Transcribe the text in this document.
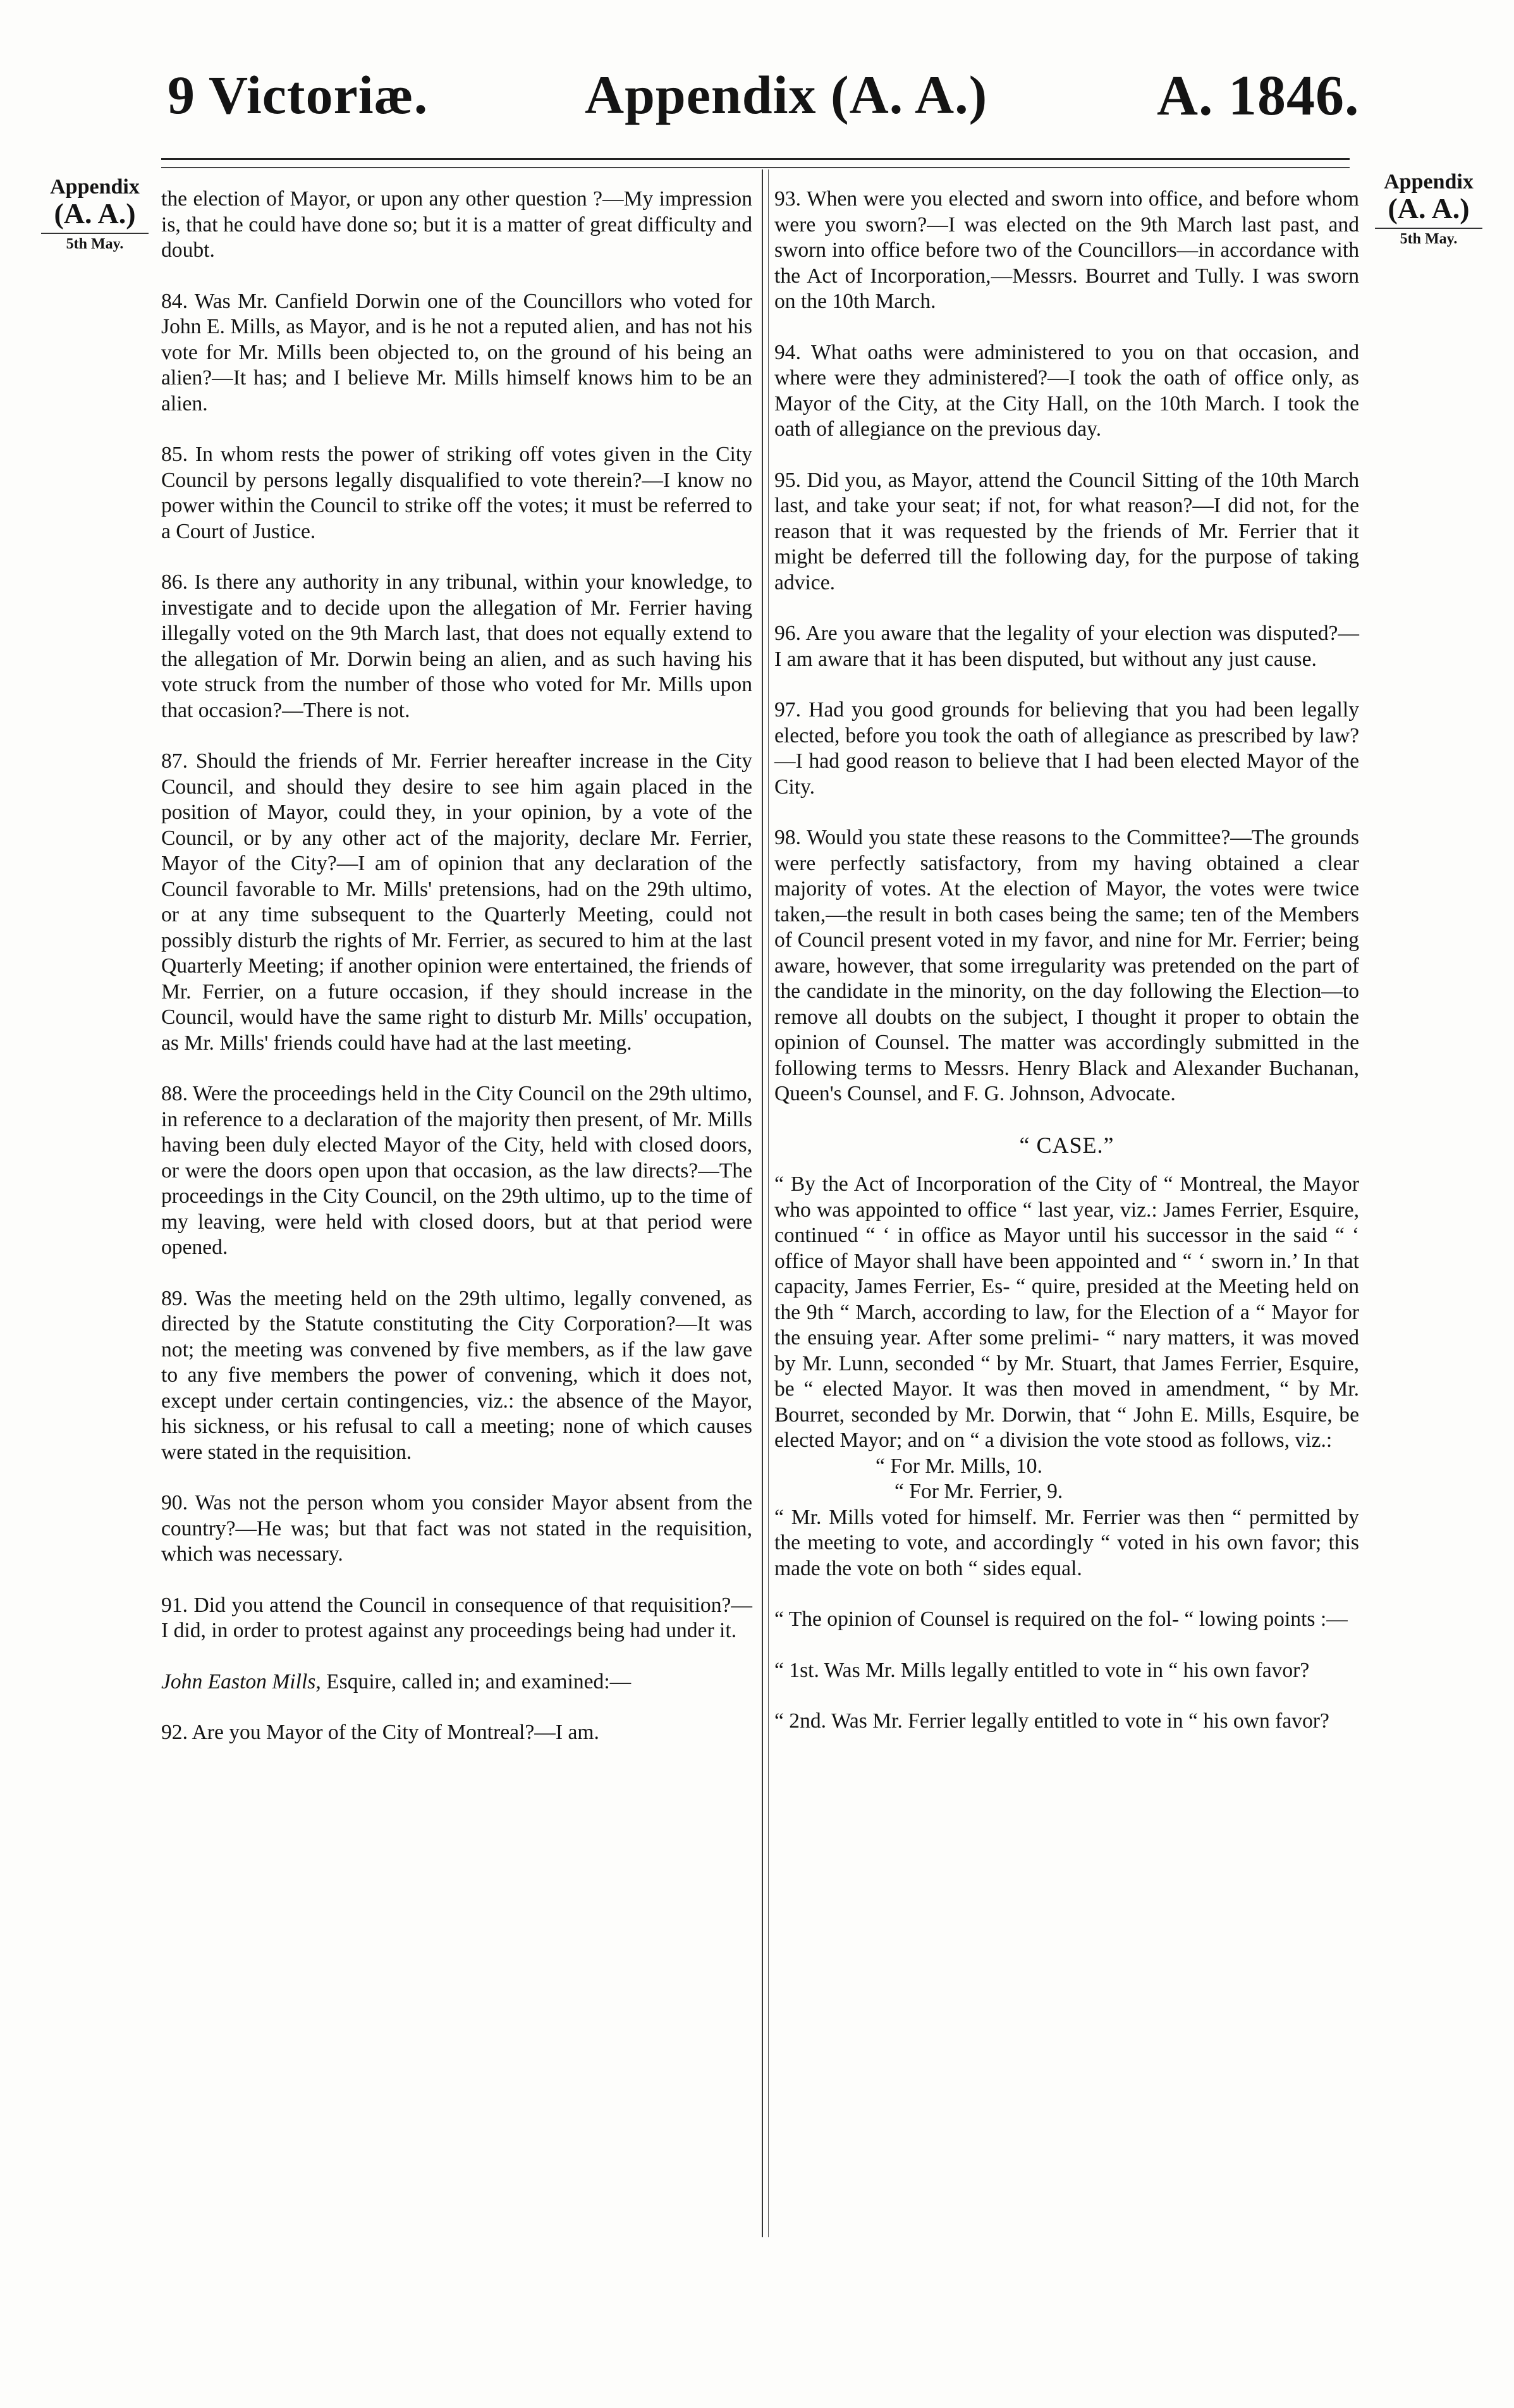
9 Victoriæ.	Appendix (A. A.)	A. 1846.
Appendix
(A. A.)
5th May.
Appendix
(A. A.)
5th May.

the election of Mayor, or upon any other question ?—My impression is, that he could have done so; but it is a matter of great difficulty and doubt.

84. Was Mr. Canfield Dorwin one of the Councillors who voted for John E. Mills, as Mayor, and is he not a reputed alien, and has not his vote for Mr. Mills been objected to, on the ground of his being an alien?—It has; and I believe Mr. Mills himself knows him to be an alien.

85. In whom rests the power of striking off votes given in the City Council by persons legally disqualified to vote therein?—I know no power within the Council to strike off the votes; it must be referred to a Court of Justice.

86. Is there any authority in any tribunal, within your knowledge, to investigate and to decide upon the allegation of Mr. Ferrier having illegally voted on the 9th March last, that does not equally extend to the allegation of Mr. Dorwin being an alien, and as such having his vote struck from the number of those who voted for Mr. Mills upon that occasion?—There is not.

87. Should the friends of Mr. Ferrier hereafter increase in the City Council, and should they desire to see him again placed in the position of Mayor, could they, in your opinion, by a vote of the Council, or by any other act of the majority, declare Mr. Ferrier, Mayor of the City?—I am of opinion that any declaration of the Council favorable to Mr. Mills' pretensions, had on the 29th ultimo, or at any time subsequent to the Quarterly Meeting, could not possibly disturb the rights of Mr. Ferrier, as secured to him at the last Quarterly Meeting; if another opinion were entertained, the friends of Mr. Ferrier, on a future occasion, if they should increase in the Council, would have the same right to disturb Mr. Mills' occupation, as Mr. Mills' friends could have had at the last meeting.

88. Were the proceedings held in the City Council on the 29th ultimo, in reference to a declaration of the majority then present, of Mr. Mills having been duly elected Mayor of the City, held with closed doors, or were the doors open upon that occasion, as the law directs?—The proceedings in the City Council, on the 29th ultimo, up to the time of my leaving, were held with closed doors, but at that period were opened.

89. Was the meeting held on the 29th ultimo, legally convened, as directed by the Statute constituting the City Corporation?—It was not; the meeting was convened by five members, as if the law gave to any five members the power of convening, which it does not, except under certain contingencies, viz.: the absence of the Mayor, his sickness, or his refusal to call a meeting; none of which causes were stated in the requisition.

90. Was not the person whom you consider Mayor absent from the country?—He was; but that fact was not stated in the requisition, which was necessary.

91. Did you attend the Council in consequence of that requisition?—I did, in order to protest against any proceedings being had under it.

John Easton Mills, Esquire, called in; and examined:—

92. Are you Mayor of the City of Montreal?—I am.

93. When were you elected and sworn into office, and before whom were you sworn?—I was elected on the 9th March last past, and sworn into office before two of the Councillors—in accordance with the Act of Incorporation,—Messrs. Bourret and Tully. I was sworn on the 10th March.

94. What oaths were administered to you on that occasion, and where were they administered?—I took the oath of office only, as Mayor of the City, at the City Hall, on the 10th March. I took the oath of allegiance on the previous day.

95. Did you, as Mayor, attend the Council Sitting of the 10th March last, and take your seat; if not, for what reason?—I did not, for the reason that it was requested by the friends of Mr. Ferrier that it might be deferred till the following day, for the purpose of taking advice.

96. Are you aware that the legality of your election was disputed?—I am aware that it has been disputed, but without any just cause.

97. Had you good grounds for believing that you had been legally elected, before you took the oath of allegiance as prescribed by law?—I had good reason to believe that I had been elected Mayor of the City.

98. Would you state these reasons to the Committee?—The grounds were perfectly satisfactory, from my having obtained a clear majority of votes. At the election of Mayor, the votes were twice taken,—the result in both cases being the same; ten of the Members of Council present voted in my favor, and nine for Mr. Ferrier; being aware, however, that some irregularity was pretended on the part of the candidate in the minority, on the day following the Election—to remove all doubts on the subject, I thought it proper to obtain the opinion of Counsel. The matter was accordingly submitted in the following terms to Messrs. Henry Black and Alexander Buchanan, Queen's Counsel, and F. G. Johnson, Advocate.

“ CASE.”

“ By the Act of Incorporation of the City of “ Montreal, the Mayor who was appointed to office “ last year, viz.: James Ferrier, Esquire, continued “ ‘ in office as Mayor until his successor in the said “ ‘ office of Mayor shall have been appointed and “ ‘ sworn in.’ In that capacity, James Ferrier, Es- “ quire, presided at the Meeting held on the 9th “ March, according to law, for the Election of a “ Mayor for the ensuing year. After some prelimi- “ nary matters, it was moved by Mr. Lunn, seconded “ by Mr. Stuart, that James Ferrier, Esquire, be “ elected Mayor. It was then moved in amendment, “ by Mr. Bourret, seconded by Mr. Dorwin, that “ John E. Mills, Esquire, be elected Mayor; and on “ a division the vote stood as follows, viz.:

“ For Mr. Mills, 10.

“ For Mr. Ferrier, 9.

“ Mr. Mills voted for himself. Mr. Ferrier was then “ permitted by the meeting to vote, and accordingly “ voted in his own favor; this made the vote on both “ sides equal.

“ The opinion of Counsel is required on the fol- “ lowing points :—

“ 1st. Was Mr. Mills legally entitled to vote in “ his own favor?

“ 2nd. Was Mr. Ferrier legally entitled to vote in “ his own favor?
